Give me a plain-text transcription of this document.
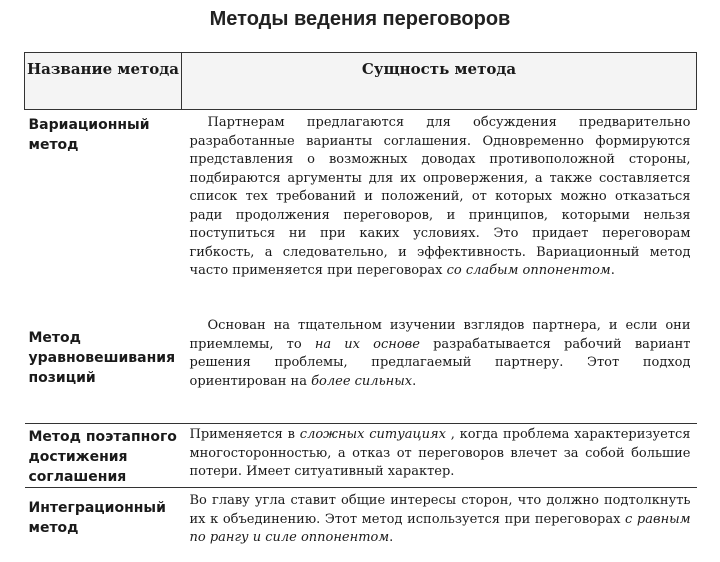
Методы ведения переговоров
Название метода	Сущность метода
Вариационный метод	Партнерам предлагаются для обсуждения предварительно разработанные варианты соглашения. Одновременно формируются представления о возможных доводах противоположной стороны, подбираются аргументы для их опровержения, а также составляется список тех требований и положений, от которых можно отказаться ради продолжения переговоров, и принципов, которыми нельзя поступиться ни при каких условиях. Это придает переговорам гибкость, а следовательно, и эффективность. Вариационный метод часто применяется при переговорах со слабым оппонентом.

Метод уравновешивания позиций	Основан на тщательном изучении взглядов партнера, и если они приемлемы, то на их основе разрабатывается рабочий вариант решения проблемы, предлагаемый партнеру. Этот подход ориентирован на более сильных.

Метод поэтапного достижения соглашения	Применяется в сложных ситуациях , когда проблема характеризуется многосторонностью, а отказ от переговоров влечет за собой большие потери. Имеет ситуативный характер.

Интеграционный метод	Во главу угла ставит общие интересы сторон, что должно подтолкнуть их к объединению. Этот метод используется при переговорах с равным по рангу и силе оппонентом.
